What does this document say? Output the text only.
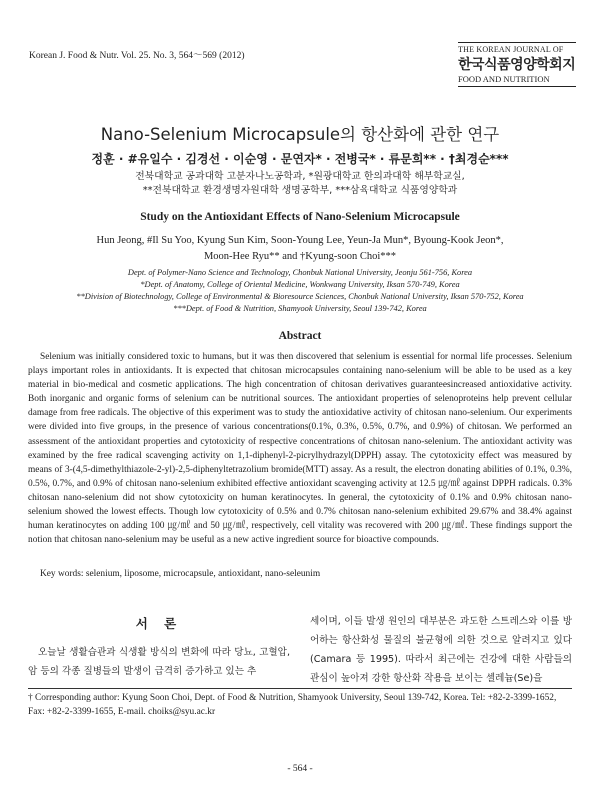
Korean J. Food & Nutr. Vol. 25. No. 3, 564～569 (2012)
THE KOREAN JOURNAL OF
한국식품영양학회지
FOOD AND NUTRITION
Nano-Selenium Microcapsule의 항산화에 관한 연구
정훈 · #유일수 · 김경선 · 이순영 · 문연자* · 전병국* · 류문희** · †최경순***
전북대학교 공과대학 고분자나노공학과, *원광대학교 한의과대학 해부학교실,
**전북대학교 환경생명자원대학 생명공학부, ***삼육대학교 식품영양학과
Study on the Antioxidant Effects of Nano-Selenium Microcapsule
Hun Jeong, #Il Su Yoo, Kyung Sun Kim, Soon-Young Lee, Yeun-Ja Mun*, Byoung-Kook Jeon*,
Moon-Hee Ryu** and †Kyung-soon Choi***
Dept. of Polymer-Nano Science and Technology, Chonbuk National University, Jeonju 561-756, Korea
*Dept. of Anatomy, College of Oriental Medicine, Wonkwang University, Iksan 570-749, Korea
**Division of Biotechnology, College of Environmental & Bioresource Sciences, Chonbuk National University, Iksan 570-752, Korea
***Dept. of Food & Nutrition, Shamyook University, Seoul 139-742, Korea
Abstract
Selenium was initially considered toxic to humans, but it was then discovered that selenium is essential for normal life processes. Selenium plays important roles in antioxidants. It is expected that chitosan microcapsules containing nano-selenium will be able to be used as a key material in bio-medical and cosmetic applications. The high concentration of chitosan derivatives guaranteesincreased antioxidative activity. Both inorganic and organic forms of selenium can be nutritional sources. The antioxidant properties of selenoproteins help prevent cellular damage from free radicals. The objective of this experiment was to study the antioxidative activity of chitosan nano-selenium. Our experiments were divided into five groups, in the presence of various concentrations(0.1%, 0.3%, 0.5%, 0.7%, and 0.9%) of chitosan. We performed an assessment of the antioxidant properties and cytotoxicity of respective concentrations of chitosan nano-selenium. The antioxidant activity was examined by the free radical scavenging activity on 1,1-diphenyl-2-picrylhydrazyl(DPPH) assay. The cytotoxicity effect was measured by means of 3-(4,5-dimethylthiazole-2-yl)-2,5-diphenyltetrazolium bromide(MTT) assay. As a result, the electron donating abilities of 0.1%, 0.3%, 0.5%, 0.7%, and 0.9% of chitosan nano-selenium exhibited effective antioxidant scavenging activity at 12.5 ㎍/㎖ against DPPH radicals. 0.3% chitosan nano-selenium did not show cytotoxicity on human keratinocytes. In general, the cytotoxicity of 0.1% and 0.9% chitosan nano-selenium showed the lowest effects. Though low cytotoxicity of 0.5% and 0.7% chitosan nano-selenium exhibited 29.67% and 38.4% against human keratinocytes on adding 100 ㎍/㎖ and 50 ㎍/㎖, respectively, cell vitality was recovered with 200 ㎍/㎖. These findings support the notion that chitosan nano-selenium may be useful as a new active ingredient source for bioactive compounds.
Key words: selenium, liposome, microcapsule, antioxidant, nano-seleunim
서 론
오늘날 생활습관과 식생활 방식의 변화에 따라 당뇨, 고혈압, 암 등의 각종 질병들의 발생이 급격히 증가하고 있는 추
세이며, 이들 발생 원인의 대부분은 과도한 스트레스와 이를 방어하는 항산화성 물질의 불균형에 의한 것으로 알려지고 있다(Camara 등 1995). 따라서 최근에는 건강에 대한 사람들의 관심이 높아져 강한 항산화 작용을 보이는 셀레늄(Se)을
† Corresponding author: Kyung Soon Choi, Dept. of Food & Nutrition, Shamyook University, Seoul 139-742, Korea. Tel: +82-2-3399-1652, Fax: +82-2-3399-1655, E-mail. choiks@syu.ac.kr
- 564 -
